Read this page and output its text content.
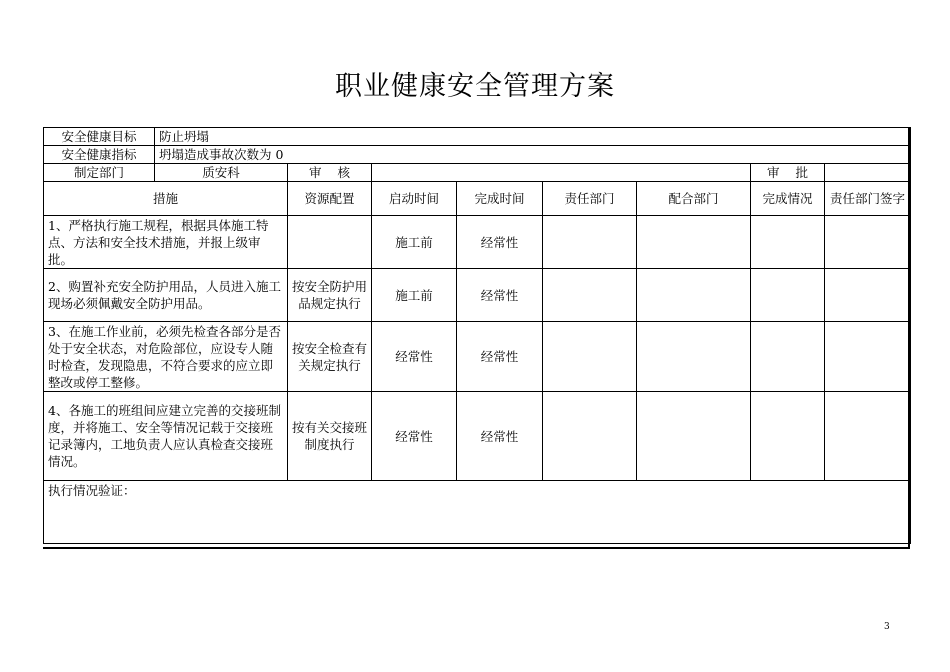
职业健康安全管理方案
安全健康目标	防止坍塌							
安全健康指标	坍塌造成事故次数为 0							
制定部门	质安科	审    核					审    批	
措施		资源配置	启动时间	完成时间	责任部门	配合部门	完成情况	责任部门签字
1、严格执行施工规程，根据具体施工特点、方法和安全技术措施，并报上级审批。			施工前	经常性				
2、购置补充安全防护用品，人员进入施工现场必须佩戴安全防护用品。		按安全防护用品规定执行	施工前	经常性				
3、在施工作业前，必须先检查各部分是否处于安全状态，对危险部位，应设专人随时检查，发现隐患，不符合要求的应立即整改或停工整修。		按安全检查有关规定执行	经常性	经常性				
4、各施工的班组间应建立完善的交接班制度，并将施工、安全等情况记载于交接班记录簿内，工地负责人应认真检查交接班情况。		按有关交接班制度执行	经常性	经常性				
执行情况验证：								
3
